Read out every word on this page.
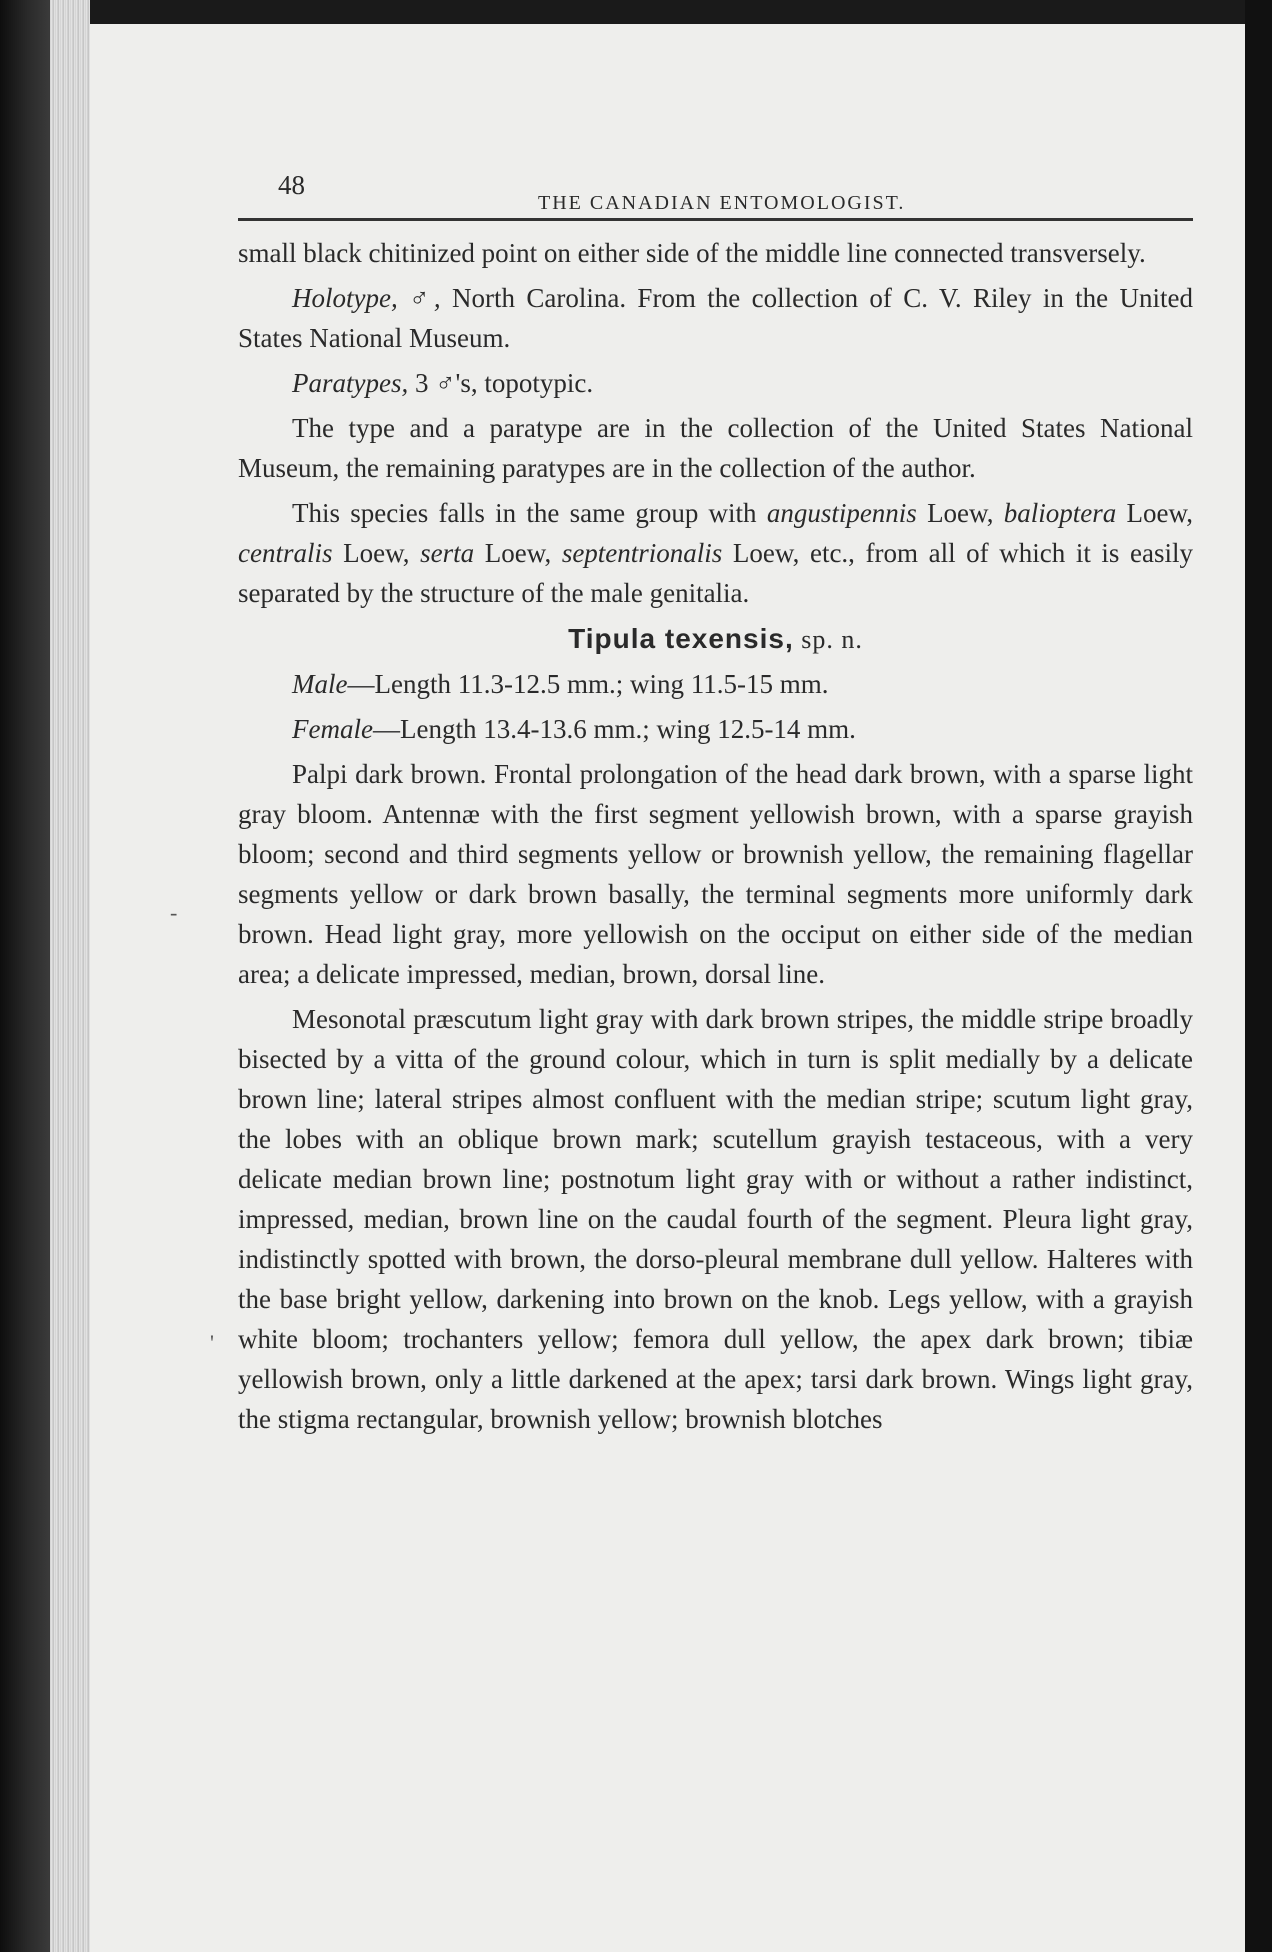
-
'
48
THE CANADIAN ENTOMOLOGIST.

small black chitinized point on either side of the middle line connected transversely.

Holotype, ♂, North Carolina. From the collection of C. V. Riley in the United States National Museum.

Paratypes, 3 ♂'s, topotypic.

The type and a paratype are in the collection of the United States National Museum, the remaining paratypes are in the collection of the author.

This species falls in the same group with angustipennis Loew, balioptera Loew, centralis Loew, serta Loew, septentrionalis Loew, etc., from all of which it is easily separated by the structure of the male genitalia.

Tipula texensis, sp. n.

Male—Length 11.3-12.5 mm.; wing 11.5-15 mm.

Female—Length 13.4-13.6 mm.; wing 12.5-14 mm.

Palpi dark brown. Frontal prolongation of the head dark brown, with a sparse light gray bloom. Antennæ with the first segment yellowish brown, with a sparse grayish bloom; second and third segments yellow or brownish yellow, the remaining flagellar segments yellow or dark brown basally, the terminal segments more uniformly dark brown. Head light gray, more yellowish on the occiput on either side of the median area; a delicate impressed, median, brown, dorsal line.

Mesonotal præscutum light gray with dark brown stripes, the middle stripe broadly bisected by a vitta of the ground colour, which in turn is split medially by a delicate brown line; lateral stripes almost confluent with the median stripe; scutum light gray, the lobes with an oblique brown mark; scutellum grayish testaceous, with a very delicate median brown line; postnotum light gray with or without a rather indistinct, impressed, median, brown line on the caudal fourth of the segment. Pleura light gray, indistinctly spotted with brown, the dorso-pleural membrane dull yellow. Halteres with the base bright yellow, darkening into brown on the knob. Legs yellow, with a grayish white bloom; trochanters yellow; femora dull yellow, the apex dark brown; tibiæ yellowish brown, only a little darkened at the apex; tarsi dark brown. Wings light gray, the stigma rectangular, brownish yellow; brownish blotches
